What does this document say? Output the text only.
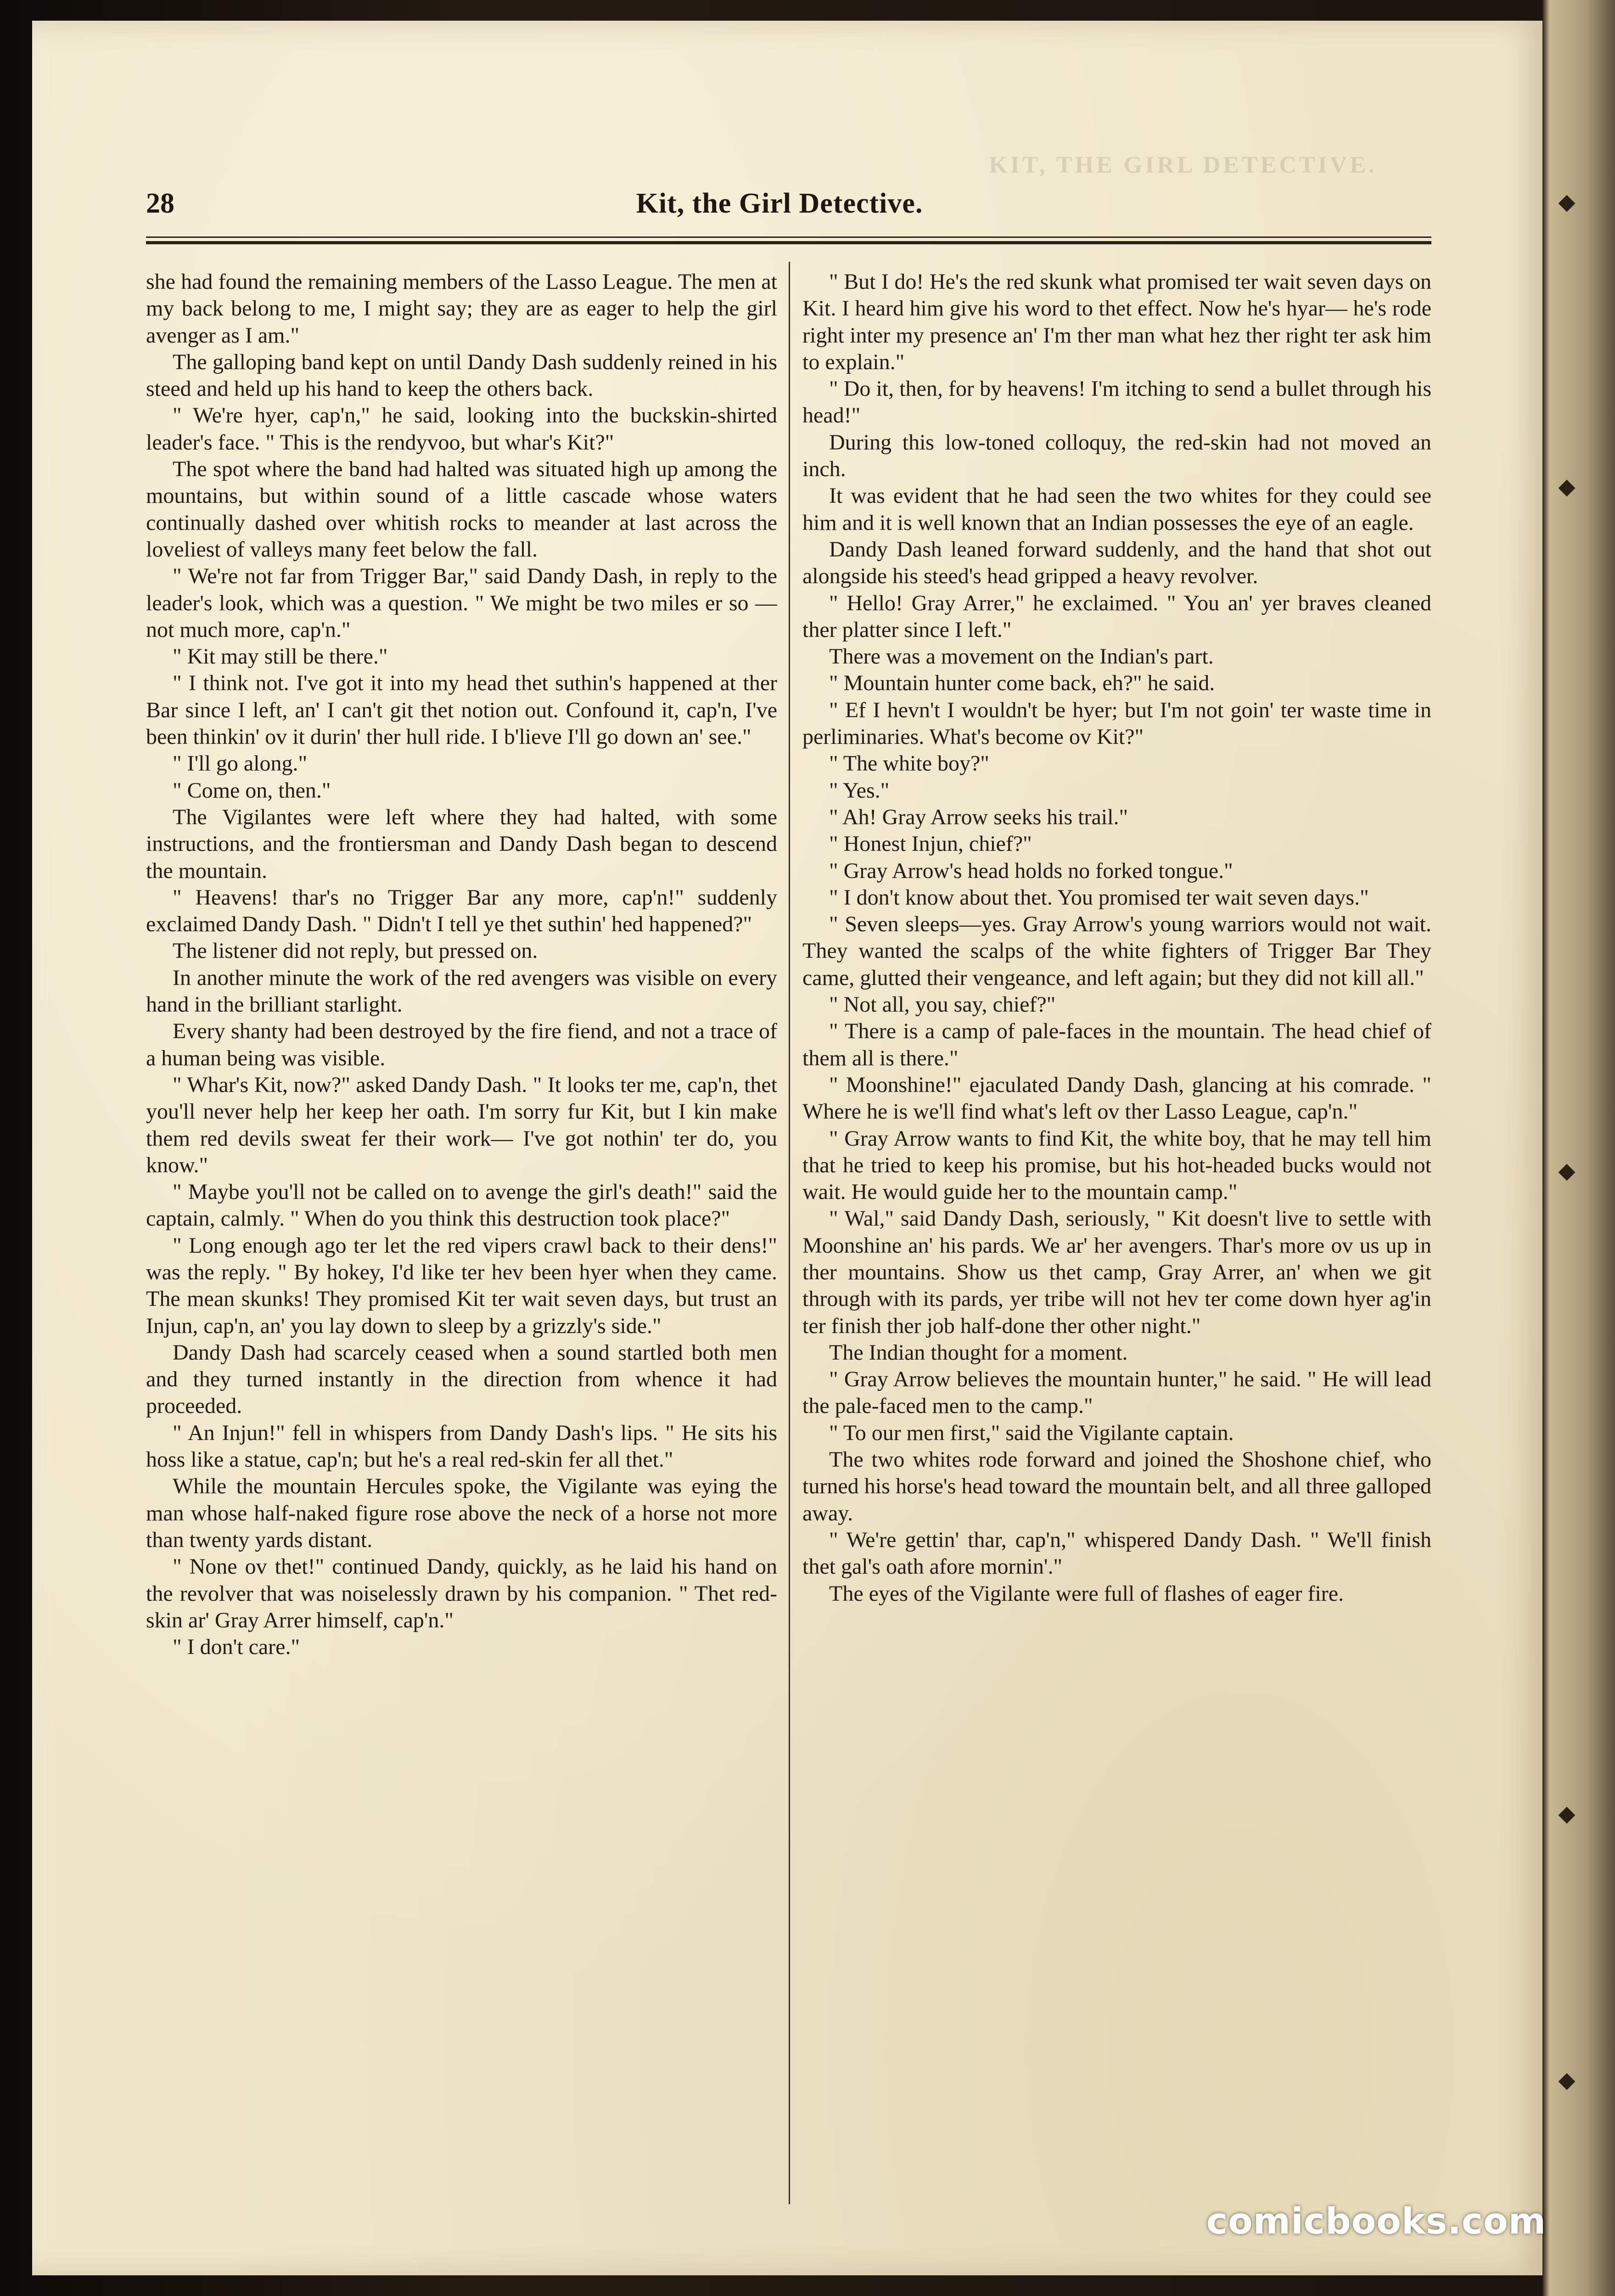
KIT, THE GIRL DETECTIVE.
28	Kit, the Girl Detective.

she had found the remaining members of the Lasso League. The men at my back belong to me, I might say; they are as eager to help the girl avenger as I am."

The galloping band kept on until Dandy Dash suddenly reined in his steed and held up his hand to keep the others back.

" We're hyer, cap'n," he said, looking into the buckskin-shirted leader's face. " This is the rendyvoo, but whar's Kit?"

The spot where the band had halted was situated high up among the mountains, but within sound of a little cascade whose waters continually dashed over whitish rocks to meander at last across the loveliest of valleys many feet below the fall.

" We're not far from Trigger Bar," said Dandy Dash, in reply to the leader's look, which was a question. " We might be two miles er so —not much more, cap'n."

" Kit may still be there."

" I think not. I've got it into my head thet suthin's happened at ther Bar since I left, an' I can't git thet notion out. Confound it, cap'n, I've been thinkin' ov it durin' ther hull ride. I b'lieve I'll go down an' see."

" I'll go along."

" Come on, then."

The Vigilantes were left where they had halted, with some instructions, and the frontiersman and Dandy Dash began to descend the mountain.

" Heavens! thar's no Trigger Bar any more, cap'n!" suddenly exclaimed Dandy Dash. " Didn't I tell ye thet suthin' hed happened?"

The listener did not reply, but pressed on.

In another minute the work of the red avengers was visible on every hand in the brilliant starlight.

Every shanty had been destroyed by the fire fiend, and not a trace of a human being was visible.

" Whar's Kit, now?" asked Dandy Dash. " It looks ter me, cap'n, thet you'll never help her keep her oath. I'm sorry fur Kit, but I kin make them red devils sweat fer their work— I've got nothin' ter do, you know."

" Maybe you'll not be called on to avenge the girl's death!" said the captain, calmly. " When do you think this destruction took place?"

" Long enough ago ter let the red vipers crawl back to their dens!" was the reply. " By hokey, I'd like ter hev been hyer when they came. The mean skunks! They promised Kit ter wait seven days, but trust an Injun, cap'n, an' you lay down to sleep by a grizzly's side."

Dandy Dash had scarcely ceased when a sound startled both men and they turned instantly in the direction from whence it had proceeded.

" An Injun!" fell in whispers from Dandy Dash's lips. " He sits his hoss like a statue, cap'n; but he's a real red-skin fer all thet."

While the mountain Hercules spoke, the Vigilante was eying the man whose half-naked figure rose above the neck of a horse not more than twenty yards distant.

" None ov thet!" continued Dandy, quickly, as he laid his hand on the revolver that was noiselessly drawn by his companion. " Thet red-skin ar' Gray Arrer himself, cap'n."

" I don't care."

" But I do! He's the red skunk what promised ter wait seven days on Kit. I heard him give his word to thet effect. Now he's hyar— he's rode right inter my presence an' I'm ther man what hez ther right ter ask him to explain."

" Do it, then, for by heavens! I'm itching to send a bullet through his head!"

During this low-toned colloquy, the red-skin had not moved an inch.

It was evident that he had seen the two whites for they could see him and it is well known that an Indian possesses the eye of an eagle.

Dandy Dash leaned forward suddenly, and the hand that shot out alongside his steed's head gripped a heavy revolver.

" Hello! Gray Arrer," he exclaimed. " You an' yer braves cleaned ther platter since I left."

There was a movement on the Indian's part.

" Mountain hunter come back, eh?" he said.

" Ef I hevn't I wouldn't be hyer; but I'm not goin' ter waste time in perliminaries. What's become ov Kit?"

" The white boy?"

" Yes."

" Ah! Gray Arrow seeks his trail."

" Honest Injun, chief?"

" Gray Arrow's head holds no forked tongue."

" I don't know about thet. You promised ter wait seven days."

" Seven sleeps—yes. Gray Arrow's young warriors would not wait. They wanted the scalps of the white fighters of Trigger Bar They came, glutted their vengeance, and left again; but they did not kill all."

" Not all, you say, chief?"

" There is a camp of pale-faces in the mountain. The head chief of them all is there."

" Moonshine!" ejaculated Dandy Dash, glancing at his comrade. " Where he is we'll find what's left ov ther Lasso League, cap'n."

" Gray Arrow wants to find Kit, the white boy, that he may tell him that he tried to keep his promise, but his hot-headed bucks would not wait. He would guide her to the mountain camp."

" Wal," said Dandy Dash, seriously, " Kit doesn't live to settle with Moonshine an' his pards. We ar' her avengers. Thar's more ov us up in ther mountains. Show us thet camp, Gray Arrer, an' when we git through with its pards, yer tribe will not hev ter come down hyer ag'in ter finish ther job half-done ther other night."

The Indian thought for a moment.

" Gray Arrow believes the mountain hunter," he said. " He will lead the pale-faced men to the camp."

" To our men first," said the Vigilante captain.

The two whites rode forward and joined the Shoshone chief, who turned his horse's head toward the mountain belt, and all three galloped away.

" We're gettin' thar, cap'n," whispered Dandy Dash. " We'll finish thet gal's oath afore mornin'."

The eyes of the Vigilante were full of flashes of eager fire.

comicbooks.com
